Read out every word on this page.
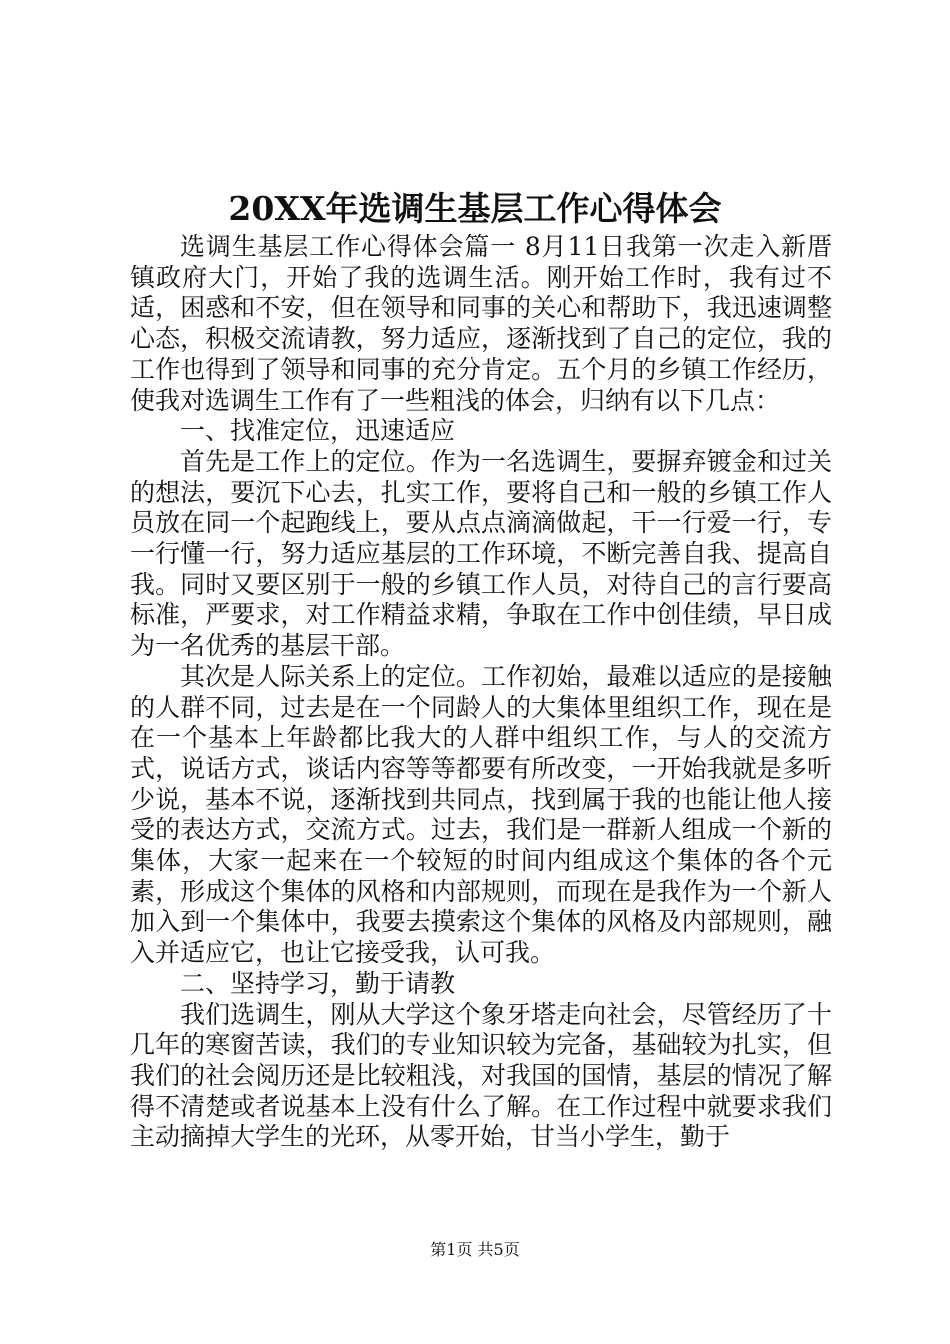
20XX年选调生基层工作心得体会

选调生基层工作心得体会篇一 8月11日我第一次走入新厝镇政府大门，开始了我的选调生活。刚开始工作时，我有过不适，困惑和不安，但在领导和同事的关心和帮助下，我迅速调整心态，积极交流请教，努力适应，逐渐找到了自己的定位，我的工作也得到了领导和同事的充分肯定。五个月的乡镇工作经历，使我对选调生工作有了一些粗浅的体会，归纳有以下几点：

一、找准定位，迅速适应

首先是工作上的定位。作为一名选调生，要摒弃镀金和过关的想法，要沉下心去，扎实工作，要将自己和一般的乡镇工作人员放在同一个起跑线上，要从点点滴滴做起，干一行爱一行，专一行懂一行，努力适应基层的工作环境，不断完善自我、提高自我。同时又要区别于一般的乡镇工作人员，对待自己的言行要高标准，严要求，对工作精益求精，争取在工作中创佳绩，早日成为一名优秀的基层干部。

其次是人际关系上的定位。工作初始，最难以适应的是接触的人群不同，过去是在一个同龄人的大集体里组织工作，现在是在一个基本上年龄都比我大的人群中组织工作，与人的交流方式，说话方式，谈话内容等等都要有所改变，一开始我就是多听少说，基本不说，逐渐找到共同点，找到属于我的也能让他人接受的表达方式，交流方式。过去，我们是一群新人组成一个新的集体，大家一起来在一个较短的时间内组成这个集体的各个元素，形成这个集体的风格和内部规则，而现在是我作为一个新人加入到一个集体中，我要去摸索这个集体的风格及内部规则，融入并适应它，也让它接受我，认可我。

二、坚持学习，勤于请教

我们选调生，刚从大学这个象牙塔走向社会，尽管经历了十几年的寒窗苦读，我们的专业知识较为完备，基础较为扎实，但我们的社会阅历还是比较粗浅，对我国的国情，基层的情况了解得不清楚或者说基本上没有什么了解。在工作过程中就要求我们主动摘掉大学生的光环，从零开始，甘当小学生，勤于

第1页 共5页
